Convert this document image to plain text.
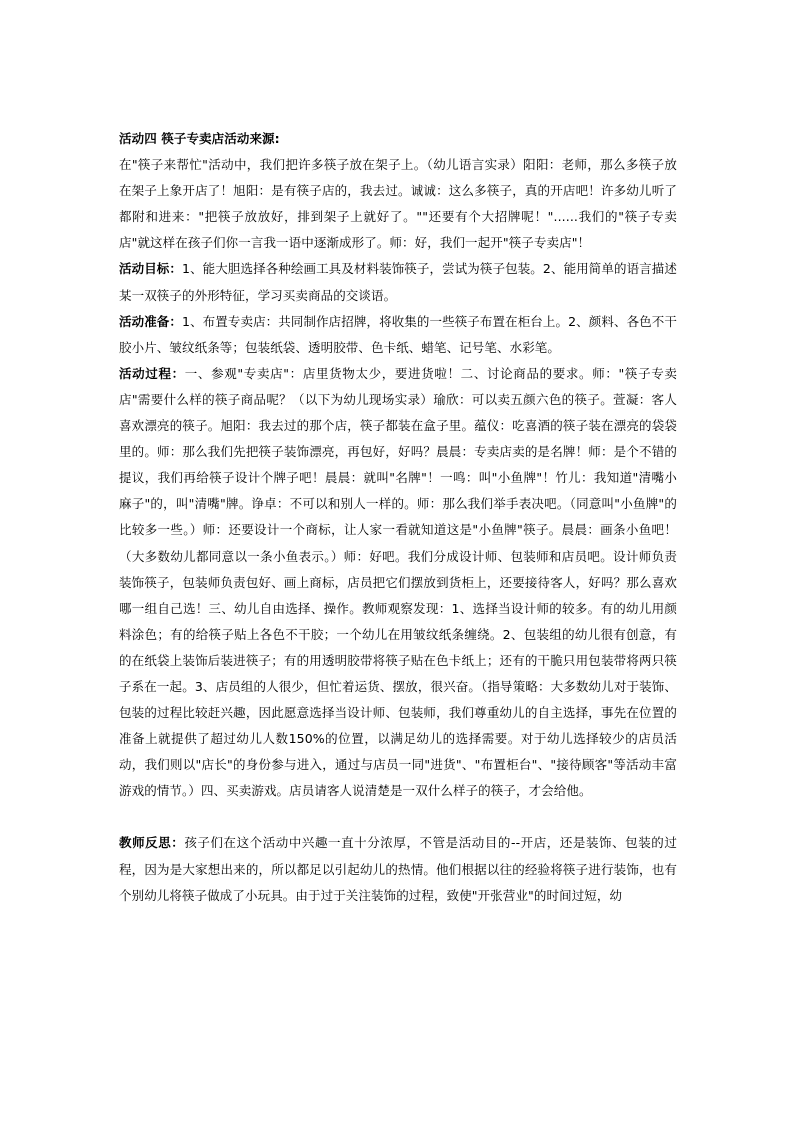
活动四 筷子专卖店活动来源:

在"筷子来帮忙"活动中，我们把许多筷子放在架子上。（幼儿语言实录）阳阳：老师，那么多筷子放在架子上象开店了！旭阳：是有筷子店的，我去过。诚诚：这么多筷子，真的开店吧！许多幼儿听了都附和进来："把筷子放放好，排到架子上就好了。""还要有个大招牌呢！"......我们的"筷子专卖店"就这样在孩子们你一言我一语中逐渐成形了。师：好，我们一起开"筷子专卖店"！

活动目标：1、能大胆选择各种绘画工具及材料装饰筷子，尝试为筷子包装。2、能用简单的语言描述某一双筷子的外形特征，学习买卖商品的交谈语。

活动准备：1、布置专卖店：共同制作店招牌，将收集的一些筷子布置在柜台上。2、颜料、各色不干胶小片、皱纹纸条等；包装纸袋、透明胶带、色卡纸、蜡笔、记号笔、水彩笔。

活动过程：一、参观"专卖店"：店里货物太少，要进货啦！二、讨论商品的要求。师："筷子专卖店"需要什么样的筷子商品呢？（以下为幼儿现场实录）瑜欣：可以卖五颜六色的筷子。萱凝：客人喜欢漂亮的筷子。旭阳：我去过的那个店，筷子都装在盒子里。蕴仪：吃喜酒的筷子装在漂亮的袋袋里的。师：那么我们先把筷子装饰漂亮，再包好，好吗？晨晨：专卖店卖的是名牌！师：是个不错的提议，我们再给筷子设计个牌子吧！晨晨：就叫"名牌"！一鸣：叫"小鱼牌"！竹儿：我知道"清嘴小麻子"的，叫"清嘴"牌。诤卓：不可以和别人一样的。师：那么我们举手表决吧。（同意叫"小鱼牌"的比较多一些。）师：还要设计一个商标，让人家一看就知道这是"小鱼牌"筷子。晨晨：画条小鱼吧！（大多数幼儿都同意以一条小鱼表示。）师：好吧。我们分成设计师、包装师和店员吧。设计师负责装饰筷子，包装师负责包好、画上商标，店员把它们摆放到货柜上，还要接待客人，好吗？那么喜欢哪一组自己选！三、幼儿自由选择、操作。教师观察发现：1、选择当设计师的较多。有的幼儿用颜料涂色；有的给筷子贴上各色不干胶；一个幼儿在用皱纹纸条缠绕。2、包装组的幼儿很有创意，有的在纸袋上装饰后装进筷子；有的用透明胶带将筷子贴在色卡纸上；还有的干脆只用包装带将两只筷子系在一起。3、店员组的人很少，但忙着运货、摆放，很兴奋。（指导策略：大多数幼儿对于装饰、包装的过程比较赶兴趣，因此愿意选择当设计师、包装师，我们尊重幼儿的自主选择，事先在位置的准备上就提供了超过幼儿人数150%的位置，以满足幼儿的选择需要。对于幼儿选择较少的店员活动，我们则以"店长"的身份参与进入，通过与店员一同"进货"、"布置柜台"、"接待顾客"等活动丰富游戏的情节。）四、买卖游戏。店员请客人说清楚是一双什么样子的筷子，才会给他。

教师反思：孩子们在这个活动中兴趣一直十分浓厚，不管是活动目的--开店，还是装饰、包装的过程，因为是大家想出来的，所以都足以引起幼儿的热情。他们根据以往的经验将筷子进行装饰，也有个别幼儿将筷子做成了小玩具。由于过于关注装饰的过程，致使"开张营业"的时间过短，幼
